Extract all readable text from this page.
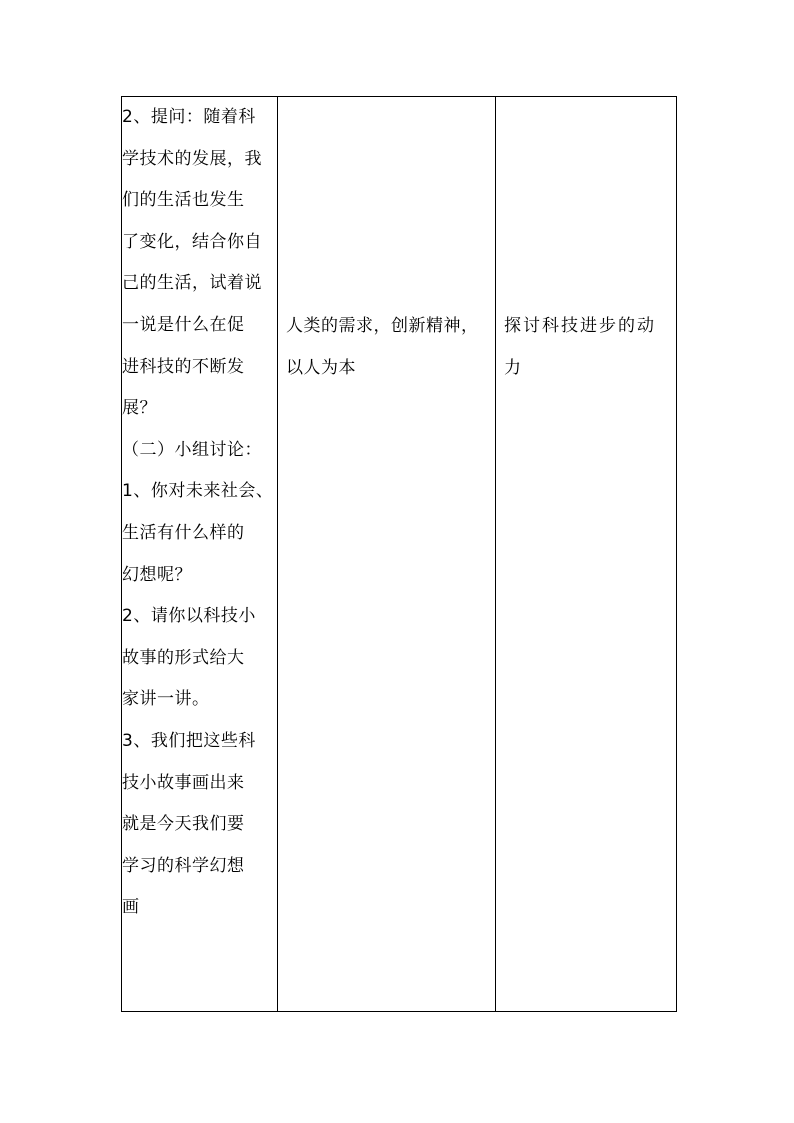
2、提问：随着科
学技术的发展，我
们的生活也发生
了变化，结合你自
己的生活，试着说
一说是什么在促
进科技的不断发
展？
（二）小组讨论：
1、你对未来社会、
生活有什么样的
幻想呢？
2、请你以科技小
故事的形式给大
家讲一讲。
3、我们把这些科
技小故事画出来
就是今天我们要
学习的科学幻想
画

人类的需求，创新精神，
以人为本

探讨科技进步的动
力
